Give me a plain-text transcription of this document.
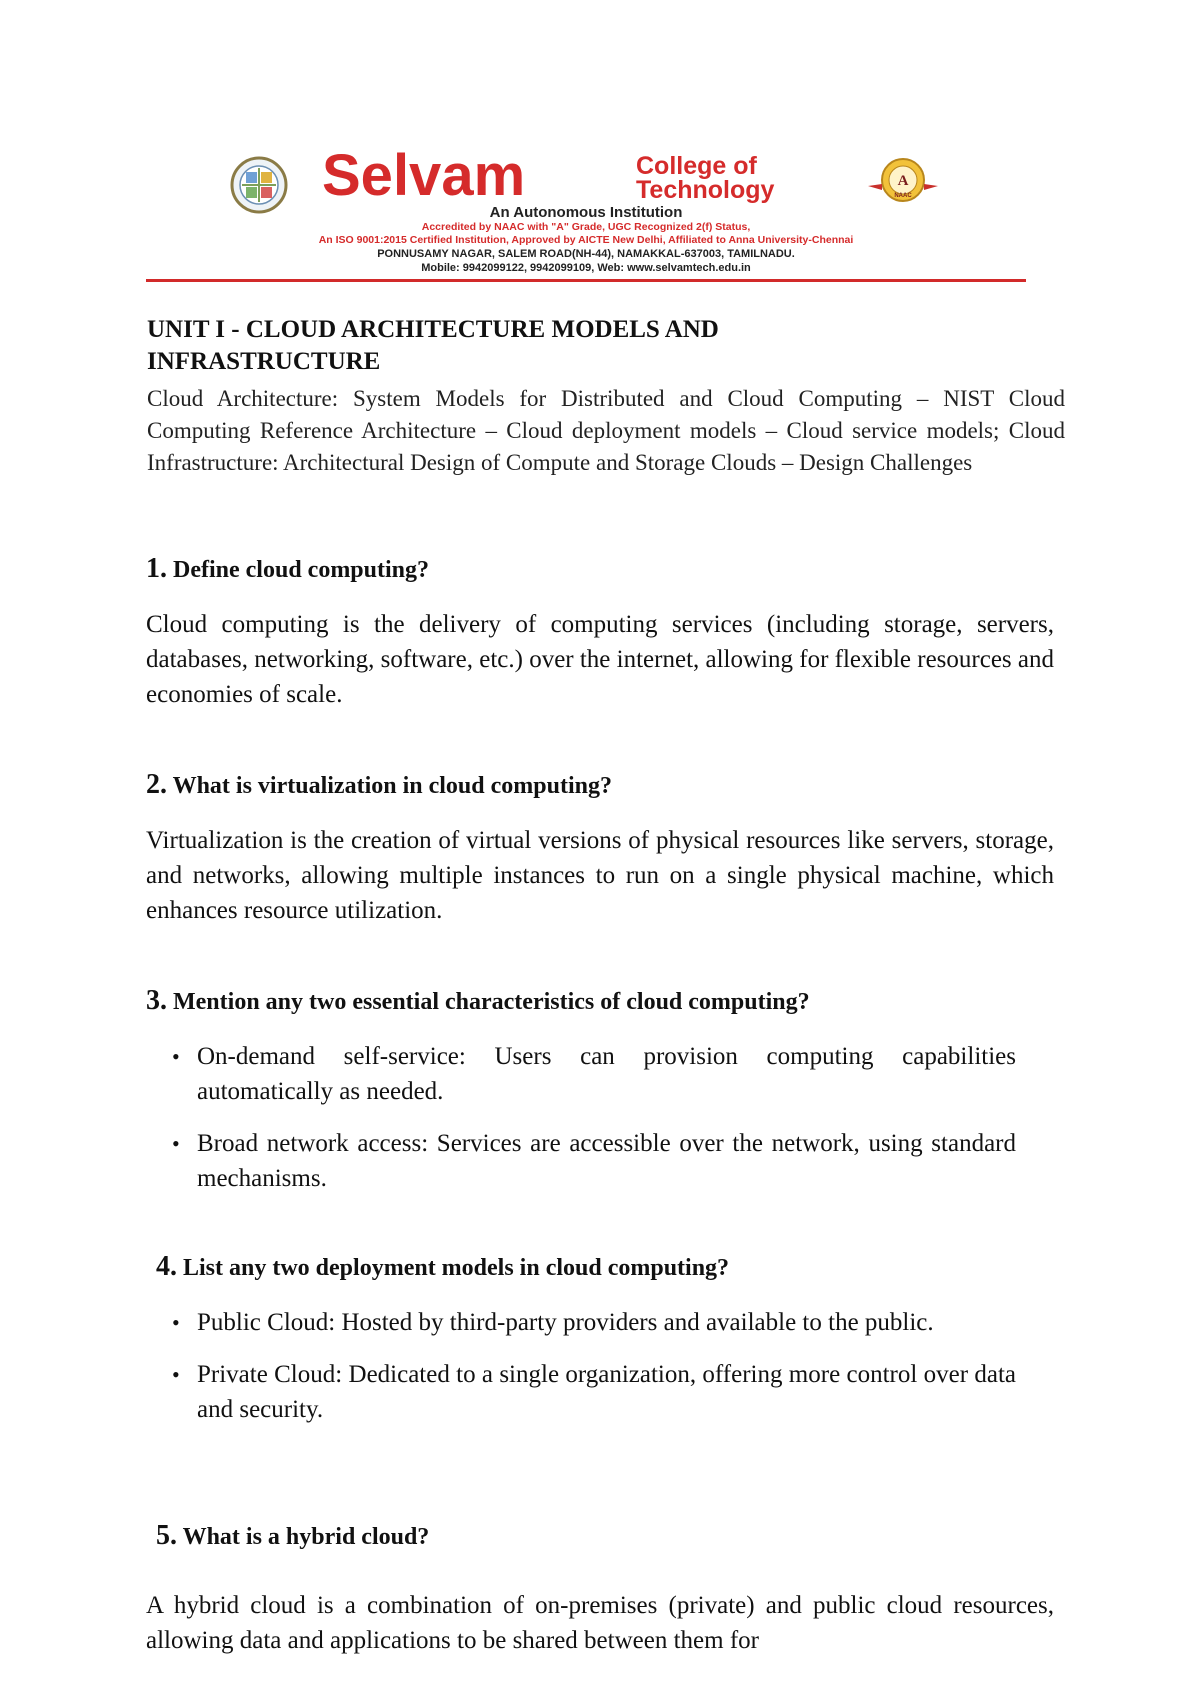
Selvam	College of
Technology	A
NAAC
An Autonomous Institution
Accredited by NAAC with "A" Grade, UGC Recognized 2(f) Status,
An ISO 9001:2015 Certified Institution, Approved by AICTE New Delhi, Affiliated to Anna University-Chennai
PONNUSAMY NAGAR, SALEM ROAD(NH-44), NAMAKKAL-637003, TAMILNADU.
Mobile: 9942099122, 9942099109, Web: www.selvamtech.edu.in
UNIT I - CLOUD ARCHITECTURE MODELS AND INFRASTRUCTURE

Cloud Architecture: System Models for Distributed and Cloud Computing – NIST Cloud Computing Reference Architecture – Cloud deployment models – Cloud service models; Cloud Infrastructure: Architectural Design of Compute and Storage Clouds – Design Challenges

1. Define cloud computing?

Cloud computing is the delivery of computing services (including storage, servers, databases, networking, software, etc.) over the internet, allowing for flexible resources and economies of scale.

2. What is virtualization in cloud computing?

Virtualization is the creation of virtual versions of physical resources like servers, storage, and networks, allowing multiple instances to run on a single physical machine, which enhances resource utilization.

3. Mention any two essential characteristics of cloud computing?
• On-demand self-service: Users can provision computing capabilities automatically as needed.
• Broad network access: Services are accessible over the network, using standard mechanisms.
4. List any two deployment models in cloud computing?
• Public Cloud: Hosted by third-party providers and available to the public.
• Private Cloud: Dedicated to a single organization, offering more control over data and security.
5. What is a hybrid cloud?

A hybrid cloud is a combination of on-premises (private) and public cloud resources, allowing data and applications to be shared between them for
